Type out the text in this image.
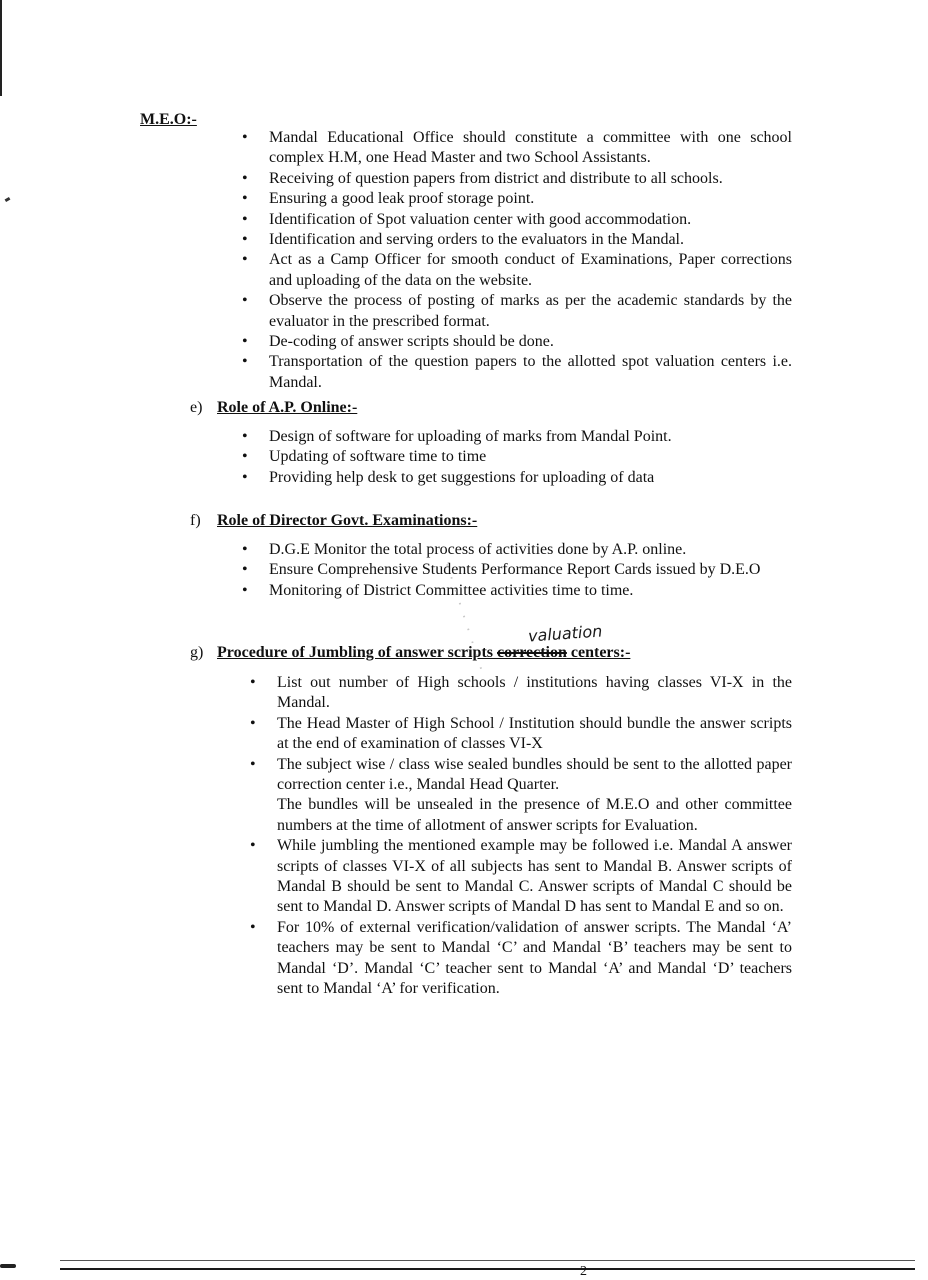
M.E.O:-
• Mandal Educational Office should constitute a committee with one school complex H.M, one Head Master and two School Assistants.
• Receiving of question papers from district and distribute to all schools.
• Ensuring a good leak proof storage point.
• Identification of Spot valuation center with good accommodation.
• Identification and serving orders to the evaluators in the Mandal.
• Act as a Camp Officer for smooth conduct of Examinations, Paper corrections and uploading of the data on the website.
• Observe the process of posting of marks as per the academic standards by the evaluator in the prescribed format.
• De-coding of answer scripts should be done.
• Transportation of the question papers to the allotted spot valuation centers i.e. Mandal.
e) Role of A.P. Online:-
• Design of software for uploading of marks from Mandal Point.
• Updating of software time to time
• Providing help desk to get suggestions for uploading of data
f) Role of Director Govt. Examinations:-
• D.G.E Monitor the total process of activities done by A.P. online.
• Ensure Comprehensive Students Performance Report Cards issued by D.E.O
• Monitoring of District Committee activities time to time.
valuation
g) Procedure of Jumbling of answer scripts correction centers:-
• List out number of High schools / institutions having classes VI-X in the Mandal.
• The Head Master of High School / Institution should bundle the answer scripts at the end of examination of classes VI-X
• The subject wise / class wise sealed bundles should be sent to the allotted paper correction center i.e., Mandal Head Quarter.
The bundles will be unsealed in the presence of M.E.O and other committee numbers at the time of allotment of answer scripts for Evaluation.
• While jumbling the mentioned example may be followed i.e. Mandal A answer scripts of classes VI-X of all subjects has sent to Mandal B. Answer scripts of Mandal B should be sent to Mandal C. Answer scripts of Mandal C should be sent to Mandal D. Answer scripts of Mandal D has sent to Mandal E and so on.
• For 10% of external verification/validation of answer scripts. The Mandal ‘A’ teachers may be sent to Mandal ‘C’ and Mandal ‘B’ teachers may be sent to Mandal ‘D’. Mandal ‘C’ teacher sent to Mandal ‘A’ and Mandal ‘D’ teachers sent to Mandal ‘A’ for verification.
· · · · · · · · ·
2
